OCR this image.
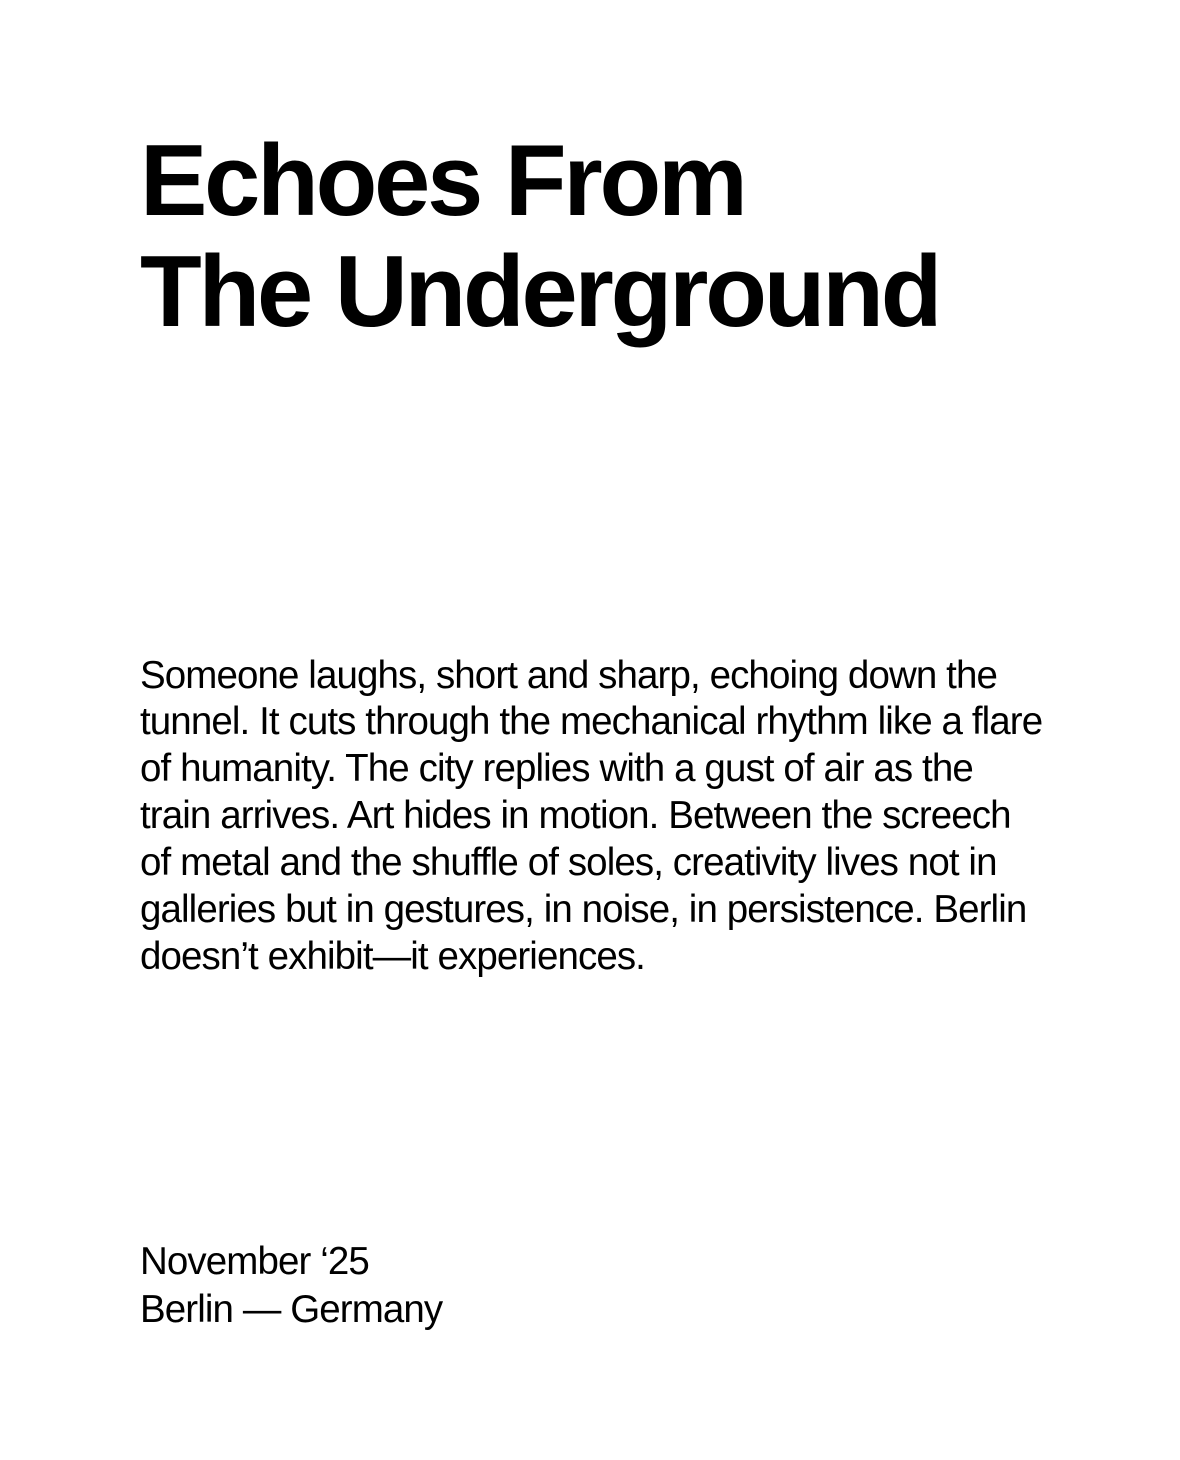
Echoes From
The Underground

Someone laughs, short and sharp, echoing down the tunnel. It cuts through the mechanical rhythm like a flare of humanity. The city replies with a gust of air as the train arrives. Art hides in motion. Between the screech of metal and the shuffle of soles, creativity lives not in galleries but in gestures, in noise, in persistence. Berlin doesn’t exhibit—it experiences.

November ‘25
Berlin — Germany
